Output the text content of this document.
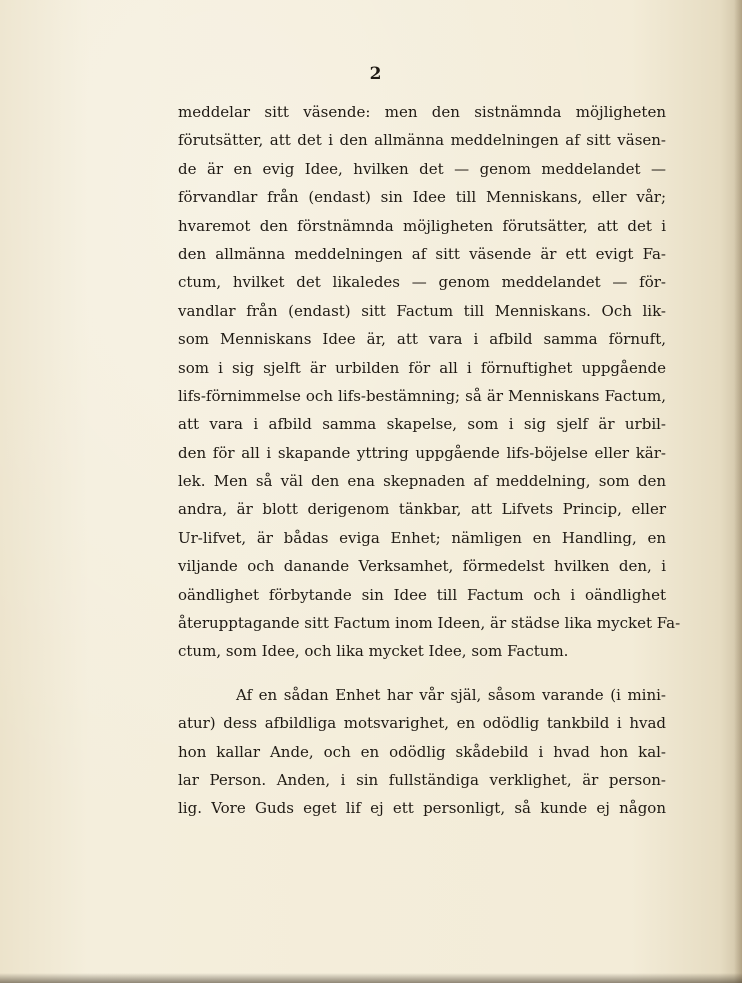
2
meddelar sitt väsende: men den sistnämnda möjligheten
förutsätter, att det i den allmänna meddelningen af sitt väsen-
de är en evig Idee, hvilken det — genom meddelandet —
förvandlar från (endast) sin Idee till Menniskans, eller vår;
hvaremot den förstnämnda möjligheten förutsätter, att det i
den allmänna meddelningen af sitt väsende är ett evigt Fa-
ctum, hvilket det likaledes — genom meddelandet — för-
vandlar från (endast) sitt Factum till Menniskans. Och lik-
som Menniskans Idee är, att vara i afbild samma förnuft,
som i sig sjelft är urbilden för all i förnuftighet uppgående
lifs-förnimmelse och lifs-bestämning; så är Menniskans Factum,
att vara i afbild samma skapelse, som i sig sjelf är urbil-
den för all i skapande yttring uppgående lifs-böjelse eller kär-
lek. Men så väl den ena skepnaden af meddelning, som den
andra, är blott derigenom tänkbar, att Lifvets Princip, eller
Ur-lifvet, är bådas eviga Enhet; nämligen en Handling, en
viljande och danande Verksamhet, förmedelst hvilken den, i
oändlighet förbytande sin Idee till Factum och i oändlighet
återupptagande sitt Factum inom Ideen, är städse lika mycket Fa-
ctum, som Idee, och lika mycket Idee, som Factum.
Af en sådan Enhet har vår själ, såsom varande (i mini-
atur) dess afbildliga motsvarighet, en odödlig tankbild i hvad
hon kallar Ande, och en odödlig skådebild i hvad hon kal-
lar Person. Anden, i sin fullständiga verklighet, är person-
lig. Vore Guds eget lif ej ett personligt, så kunde ej någon
